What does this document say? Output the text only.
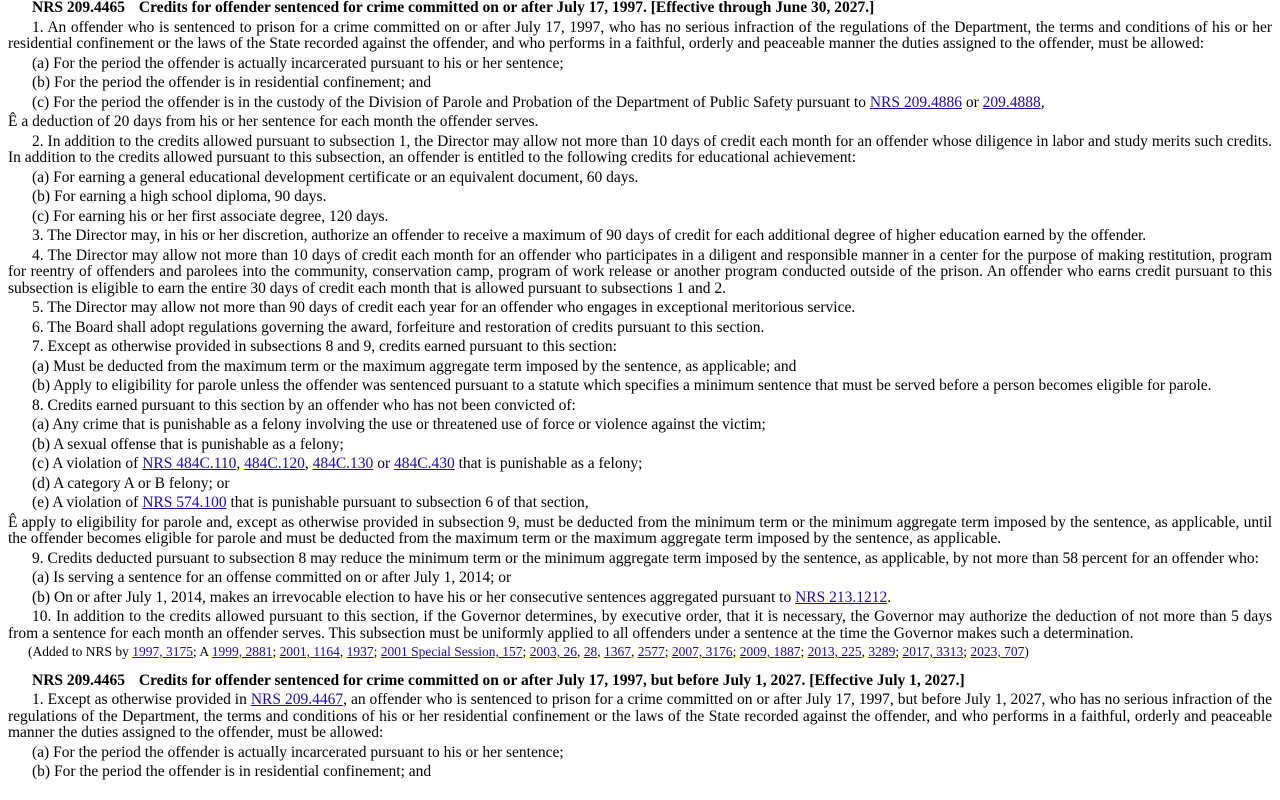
NRS 209.4465 Credits for offender sentenced for crime committed on or after July 17, 1997. [Effective through June 30, 2027.]

1. An offender who is sentenced to prison for a crime committed on or after July 17, 1997, who has no serious infraction of the regulations of the Department, the terms and conditions of his or her residential confinement or the laws of the State recorded against the offender, and who performs in a faithful, orderly and peaceable manner the duties assigned to the offender, must be allowed:

(a) For the period the offender is actually incarcerated pursuant to his or her sentence;

(b) For the period the offender is in residential confinement; and

(c) For the period the offender is in the custody of the Division of Parole and Probation of the Department of Public Safety pursuant to NRS 209.4886 or 209.4888,

Ê a deduction of 20 days from his or her sentence for each month the offender serves.

2. In addition to the credits allowed pursuant to subsection 1, the Director may allow not more than 10 days of credit each month for an offender whose diligence in labor and study merits such credits. In addition to the credits allowed pursuant to this subsection, an offender is entitled to the following credits for educational achievement:

(a) For earning a general educational development certificate or an equivalent document, 60 days.

(b) For earning a high school diploma, 90 days.

(c) For earning his or her first associate degree, 120 days.

3. The Director may, in his or her discretion, authorize an offender to receive a maximum of 90 days of credit for each additional degree of higher education earned by the offender.

4. The Director may allow not more than 10 days of credit each month for an offender who participates in a diligent and responsible manner in a center for the purpose of making restitution, program for reentry of offenders and parolees into the community, conservation camp, program of work release or another program conducted outside of the prison. An offender who earns credit pursuant to this subsection is eligible to earn the entire 30 days of credit each month that is allowed pursuant to subsections 1 and 2.

5. The Director may allow not more than 90 days of credit each year for an offender who engages in exceptional meritorious service.

6. The Board shall adopt regulations governing the award, forfeiture and restoration of credits pursuant to this section.

7. Except as otherwise provided in subsections 8 and 9, credits earned pursuant to this section:

(a) Must be deducted from the maximum term or the maximum aggregate term imposed by the sentence, as applicable; and

(b) Apply to eligibility for parole unless the offender was sentenced pursuant to a statute which specifies a minimum sentence that must be served before a person becomes eligible for parole.

8. Credits earned pursuant to this section by an offender who has not been convicted of:

(a) Any crime that is punishable as a felony involving the use or threatened use of force or violence against the victim;

(b) A sexual offense that is punishable as a felony;

(c) A violation of NRS 484C.110, 484C.120, 484C.130 or 484C.430 that is punishable as a felony;

(d) A category A or B felony; or

(e) A violation of NRS 574.100 that is punishable pursuant to subsection 6 of that section,

Ê apply to eligibility for parole and, except as otherwise provided in subsection 9, must be deducted from the minimum term or the minimum aggregate term imposed by the sentence, as applicable, until the offender becomes eligible for parole and must be deducted from the maximum term or the maximum aggregate term imposed by the sentence, as applicable.

9. Credits deducted pursuant to subsection 8 may reduce the minimum term or the minimum aggregate term imposed by the sentence, as applicable, by not more than 58 percent for an offender who:

(a) Is serving a sentence for an offense committed on or after July 1, 2014; or

(b) On or after July 1, 2014, makes an irrevocable election to have his or her consecutive sentences aggregated pursuant to NRS 213.1212.

10. In addition to the credits allowed pursuant to this section, if the Governor determines, by executive order, that it is necessary, the Governor may authorize the deduction of not more than 5 days from a sentence for each month an offender serves. This subsection must be uniformly applied to all offenders under a sentence at the time the Governor makes such a determination.

(Added to NRS by 1997, 3175; A 1999, 2881; 2001, 1164, 1937; 2001 Special Session, 157; 2003, 26, 28, 1367, 2577; 2007, 3176; 2009, 1887; 2013, 225, 3289; 2017, 3313; 2023, 707)

NRS 209.4465 Credits for offender sentenced for crime committed on or after July 17, 1997, but before July 1, 2027. [Effective July 1, 2027.]

1. Except as otherwise provided in NRS 209.4467, an offender who is sentenced to prison for a crime committed on or after July 17, 1997, but before July 1, 2027, who has no serious infraction of the regulations of the Department, the terms and conditions of his or her residential confinement or the laws of the State recorded against the offender, and who performs in a faithful, orderly and peaceable manner the duties assigned to the offender, must be allowed:

(a) For the period the offender is actually incarcerated pursuant to his or her sentence;

(b) For the period the offender is in residential confinement; and
